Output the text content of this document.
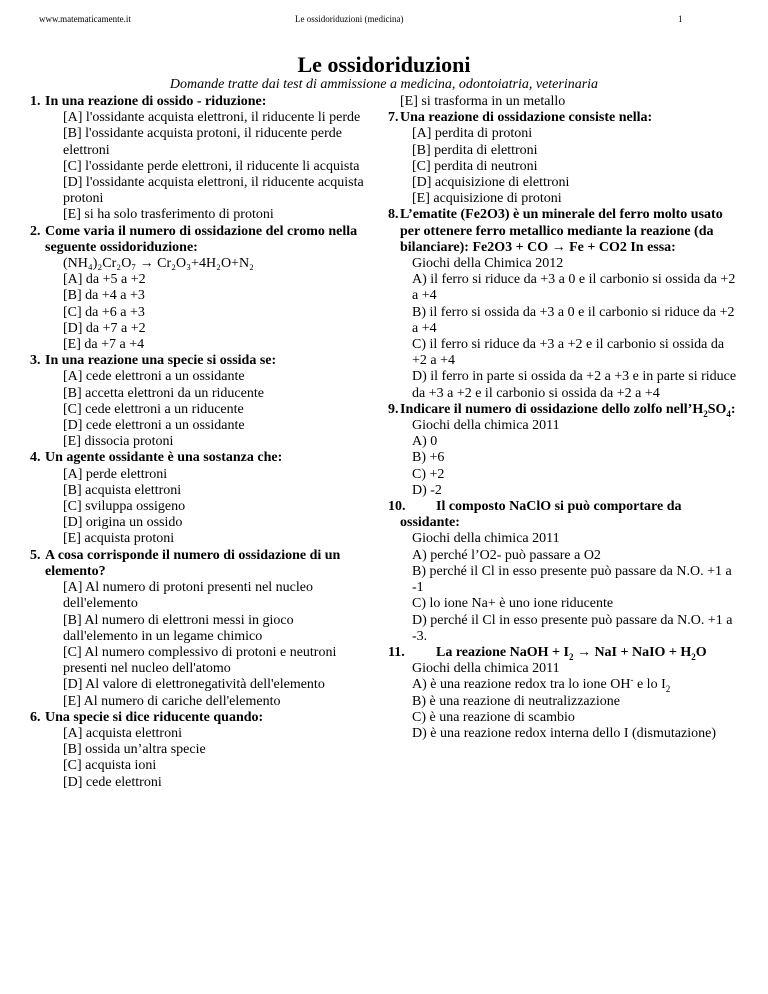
www.matematicamente.it	Le ossidoriduzioni (medicina)	1
Le ossidoriduzioni
Domande tratte dai test di ammissione a medicina, odontoiatria, veterinaria
1. In una reazione di ossido - riduzione:
[A] l'ossidante acquista elettroni, il riducente li perde
[B] l'ossidante acquista protoni, il riducente perde elettroni
[C] l'ossidante perde elettroni, il riducente li acquista
[D] l'ossidante acquista elettroni, il riducente acquista protoni
[E] si ha solo trasferimento di protoni
2. Come varia il numero di ossidazione del cromo nella seguente ossidoriduzione:
(NH₄)₂Cr₂O₇ → Cr₂O₃+4H₂O+N₂
[A] da +5 a +2
[B] da +4 a +3
[C] da +6 a +3
[D] da +7 a +2
[E] da +7 a +4
3. In una reazione una specie si ossida se:
[A] cede elettroni a un ossidante
[B] accetta elettroni da un riducente
[C] cede elettroni a un riducente
[D] cede elettroni a un ossidante
[E] dissocia protoni
4. Un agente ossidante è una sostanza che:
[A] perde elettroni
[B] acquista elettroni
[C] sviluppa ossigeno
[D] origina un ossido
[E] acquista protoni
5. A cosa corrisponde il numero di ossidazione di un elemento?
[A] Al numero di protoni presenti nel nucleo dell'elemento
[B] Al numero di elettroni messi in gioco dall'elemento in un legame chimico
[C] Al numero complessivo di protoni e neutroni presenti nel nucleo dell'atomo
[D] Al valore di elettronegatività dell'elemento
[E] Al numero di cariche dell'elemento
6. Una specie si dice riducente quando:
[A] acquista elettroni
[B] ossida un’altra specie
[C] acquista ioni
[D] cede elettroni
[E] si trasforma in un metallo
7. Una reazione di ossidazione consiste nella:
[A] perdita di protoni
[B] perdita di elettroni
[C] perdita di neutroni
[D] acquisizione di elettroni
[E] acquisizione di protoni
8. L’ematite (Fe2O3) è un minerale del ferro molto usato per ottenere ferro metallico mediante la reazione (da bilanciare): Fe2O3 + CO → Fe + CO2 In essa:
Giochi della Chimica 2012
A) il ferro si riduce da +3 a 0 e il carbonio si ossida da +2 a +4
B) il ferro si ossida da +3 a 0 e il carbonio si riduce da +2 a +4
C) il ferro si riduce da +3 a +2 e il carbonio si ossida da +2 a +4
D) il ferro in parte si ossida da +2 a +3 e in parte si riduce da +3 a +2 e il carbonio si ossida da +2 a +4
9. Indicare il numero di ossidazione dello zolfo $nell’H_2SO_4$:
Giochi della chimica 2011
A) 0
B) +6
C) +2
D) -2
10.	Il composto NaClO si può comportare da ossidante:
Giochi della chimica 2011
A) perché l’O2- può passare a O2
B) perché il Cl in esso presente può passare da N.O. +1 a -1
C) lo ione Na+ è uno ione riducente
D) perché il Cl in esso presente può passare da N.O. +1 a -3.
11.	La reazione NaOH + $I_2$ → NaI + NaIO + $H_2O$
Giochi della chimica 2011
A) è una reazione redox tra lo ione OH- e lo $I_2$
B) è una reazione di neutralizzazione
C) è una reazione di scambio
D) è una reazione redox interna dello I (dismutazione)
